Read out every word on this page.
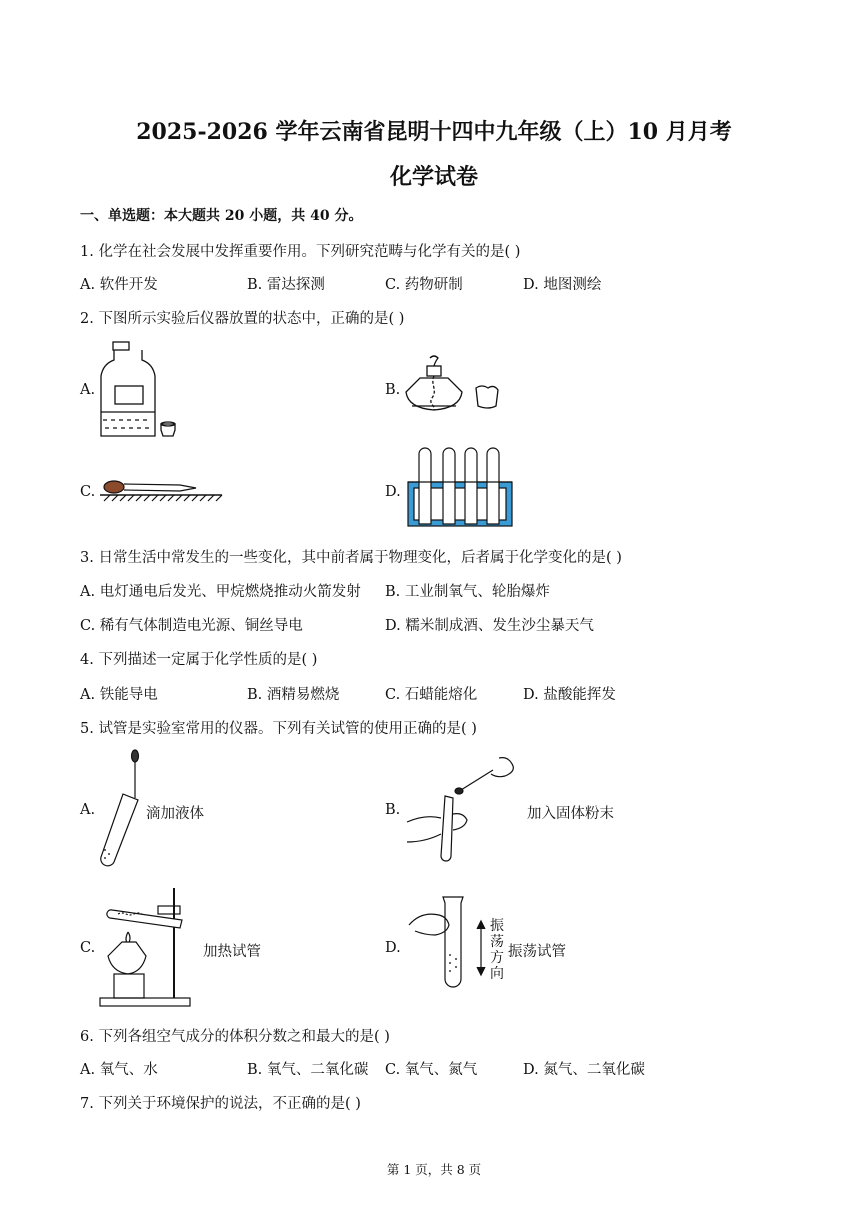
2025-2026 学年云南省昆明十四中九年级（上）10 月月考
化学试卷
一、单选题：本大题共 20 小题，共 40 分。
1. 化学在社会发展中发挥重要作用。下列研究范畴与化学有关的是( )
A. 软件开发	B. 雷达探测	C. 药物研制	D. 地图测绘
2. 下图所示实验后仪器放置的状态中，正确的是( )
A.	B.
C.	D.
3. 日常生活中常发生的一些变化，其中前者属于物理变化，后者属于化学变化的是( )
A. 电灯通电后发光、甲烷燃烧推动火箭发射 B. 工业制氧气、轮胎爆炸
C. 稀有气体制造电光源、铜丝导电	D. 糯米制成酒、发生沙尘暴天气
4. 下列描述一定属于化学性质的是( )
A. 铁能导电	B. 酒精易燃烧	C. 石蜡能熔化	D. 盐酸能挥发
5. 试管是实验室常用的仪器。下列有关试管的使用正确的是( )
A.	滴加液体	B.	加入固体粉末
C.	加热试管	D.	振荡试管
振荡方向
6. 下列各组空气成分的体积分数之和最大的是( )
A. 氧气、水	B. 氧气、二氧化碳 C. 氧气、氮气	D. 氮气、二氧化碳
7. 下列关于环境保护的说法，不正确的是( )
第 1 页，共 8 页
